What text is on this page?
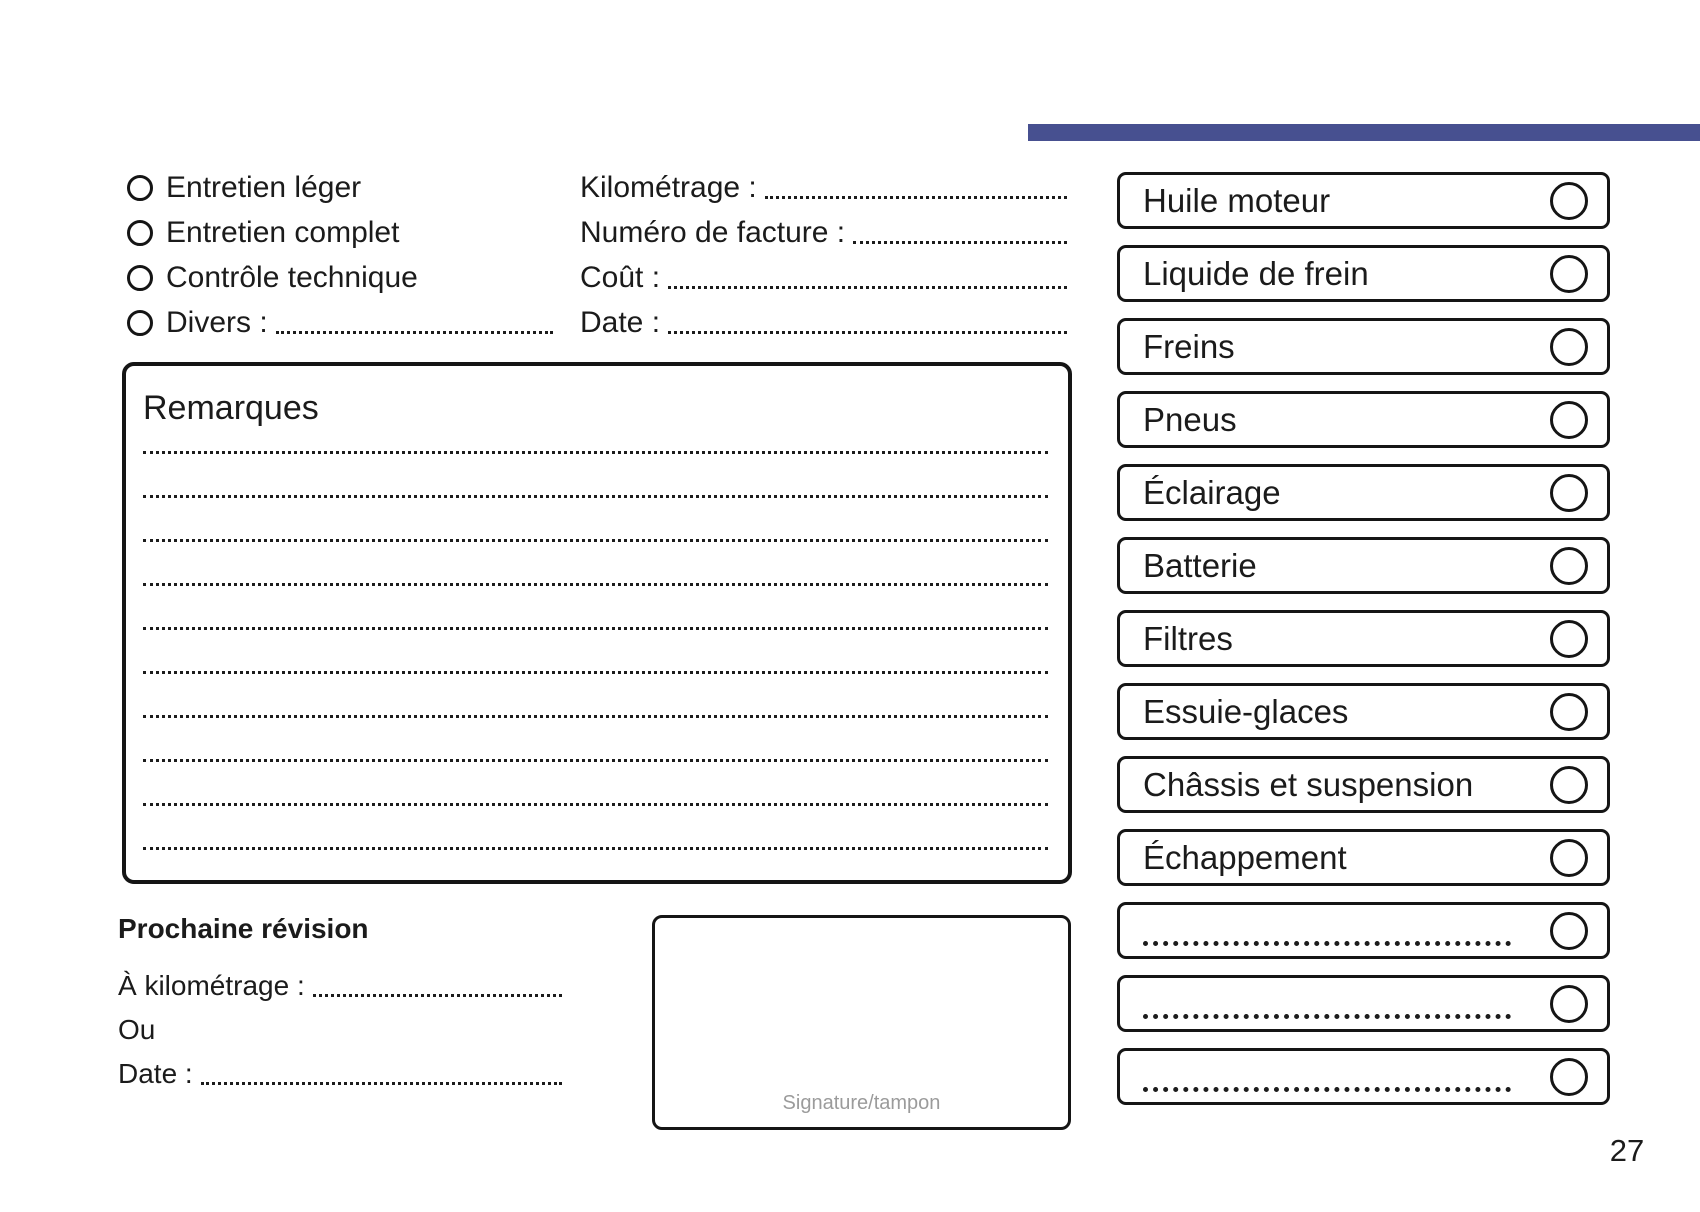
Entretien léger
Entretien complet
Contrôle technique
Divers :
Kilométrage :
Numéro de facture :
Coût :
Date :
Remarques
Prochaine révision
À kilométrage :
Ou
Date :
Signature/tampon
Huile moteur
Liquide de frein
Freins
Pneus
Éclairage
Batterie
Filtres
Essuie-glaces
Châssis et suspension
Échappement
27
